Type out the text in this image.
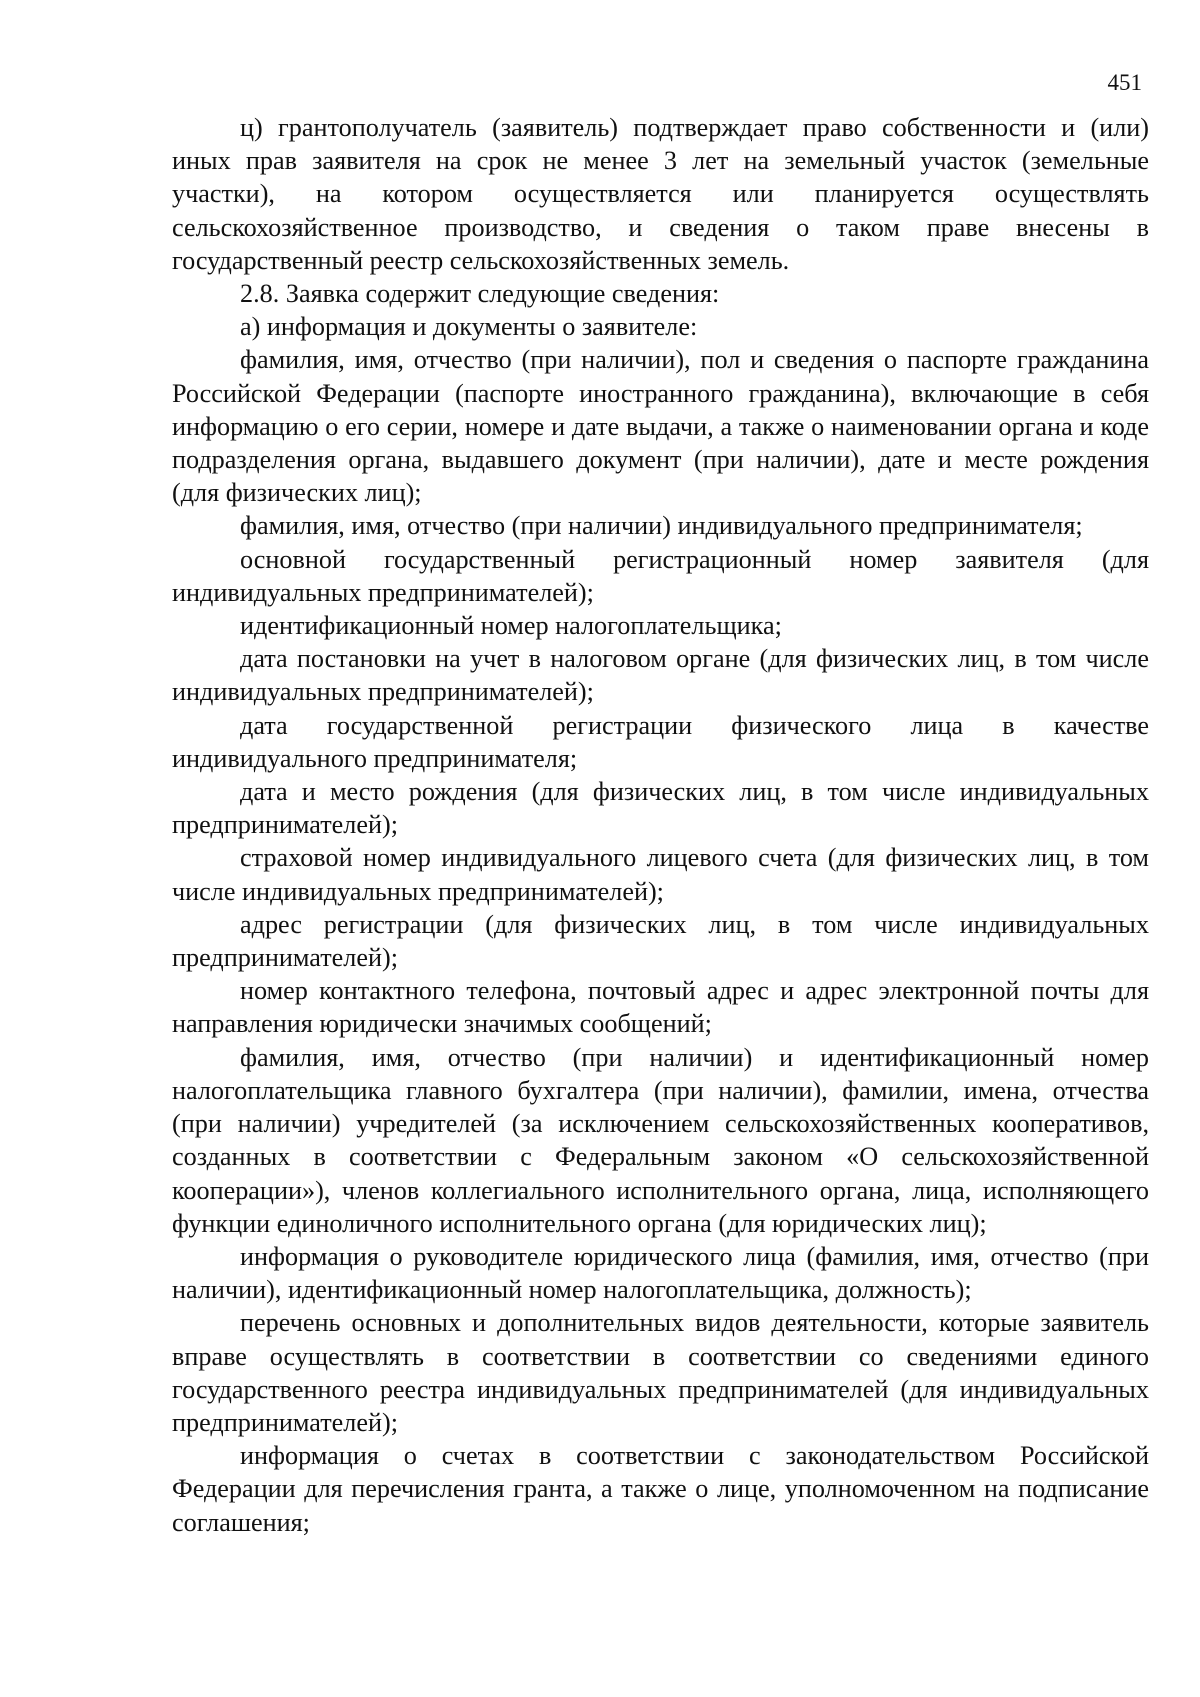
451

ц) грантополучатель (заявитель) подтверждает право собственности и (или) иных прав заявителя на срок не менее 3 лет на земельный участок (земельные участки), на котором осуществляется или планируется осуществлять сельскохозяйственное производство, и сведения о таком праве внесены в государственный реестр сельскохозяйственных земель.

2.8. Заявка содержит следующие сведения:

а) информация и документы о заявителе:

фамилия, имя, отчество (при наличии), пол и сведения о паспорте гражданина Российской Федерации (паспорте иностранного гражданина), включающие в себя информацию о его серии, номере и дате выдачи, а также о наименовании органа и коде подразделения органа, выдавшего документ (при наличии), дате и месте рождения (для физических лиц);

фамилия, имя, отчество (при наличии) индивидуального предпринимателя;

основной государственный регистрационный номер заявителя (для индивидуальных предпринимателей);

идентификационный номер налогоплательщика;

дата постановки на учет в налоговом органе (для физических лиц, в том числе индивидуальных предпринимателей);

дата государственной регистрации физического лица в качестве индивидуального предпринимателя;

дата и место рождения (для физических лиц, в том числе индивидуальных предпринимателей);

страховой номер индивидуального лицевого счета (для физических лиц, в том числе индивидуальных предпринимателей);

адрес регистрации (для физических лиц, в том числе индивидуальных предпринимателей);

номер контактного телефона, почтовый адрес и адрес электронной почты для направления юридически значимых сообщений;

фамилия, имя, отчество (при наличии) и идентификационный номер налогоплательщика главного бухгалтера (при наличии), фамилии, имена, отчества (при наличии) учредителей (за исключением сельскохозяйственных кооперативов, созданных в соответствии с Федеральным законом «О сельскохозяйственной кооперации»), членов коллегиального исполнительного органа, лица, исполняющего функции единоличного исполнительного органа (для юридических лиц);

информация о руководителе юридического лица (фамилия, имя, отчество (при наличии), идентификационный номер налогоплательщика, должность);

перечень основных и дополнительных видов деятельности, которые заявитель вправе осуществлять в соответствии в соответствии со сведениями единого государственного реестра индивидуальных предпринимателей (для индивидуальных предпринимателей);

информация о счетах в соответствии с законодательством Российской Федерации для перечисления гранта, а также о лице, уполномоченном на подписание соглашения;
